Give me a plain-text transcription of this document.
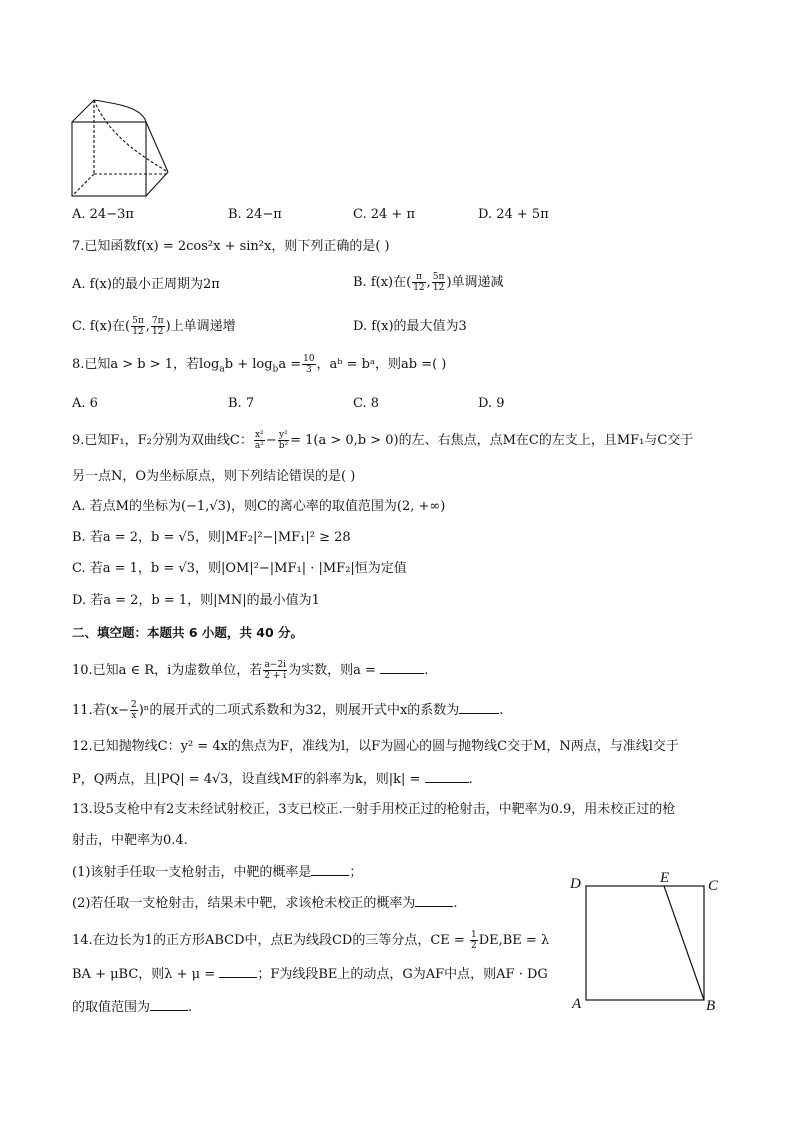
A. 24−3π	B. 24−π	C. 24 + π	D. 24 + 5π
7.已知函数f(x) = 2cos²x + sin²x，则下列正确的是( )
A. f(x)的最小正周期为2π	B. f(x)在( $\frac{\pi}{12}$ , $\frac{5\pi}{12}$ )单调递减
C. f(x)在( $\frac{5\pi}{12}$ , $\frac{7\pi}{12}$ )上单调递增	D. f(x)的最大值为3
8.已知a > b > 1，若$\log_ab + \log_ba = \frac{10}{3}$ ，aᵇ = bᵃ，则ab =( )
A. 6	B. 7	C. 8	D. 9
9.已知F₁，F₂分别为双曲线C： $\frac{\text{x²}}{\text{a²}} - \frac{\text{y²}}{\text{b²}} = 1(a > 0,b > 0)$的左、右焦点，点M在C的左支上，且MF₁与C交于
另一点N，O为坐标原点，则下列结论错误的是( )
A. 若点M的坐标为(−1,√3)，则C的离心率的取值范围为(2, +∞)
B. 若a = 2，b = √5，则|MF₂|²−|MF₁|² ≥ 28
C. 若a = 1，b = √3，则|OM|²−|MF₁| · |MF₂|恒为定值
D. 若a = 2，b = 1，则|MN|的最小值为1
二、填空题：本题共 6 小题，共 40 分。
10.已知a ∈ R，i为虚数单位，若 $\frac{a-2i}{2 + i}$ 为实数，则a =	.
11.若$(x- \frac{2}{x} )^n$的展开式的二项式系数和为32，则展开式中x的系数为	.
12.已知抛物线C：y² = 4x的焦点为F，准线为l，以F为圆心的圆与抛物线C交于M，N两点，与准线l交于
P，Q两点，且|PQ| = 4√3，设直线MF的斜率为k，则|k| =	.
13.设5支枪中有2支未经试射校正，3支已校正.一射手用校正过的枪射击，中靶率为0.9，用未校正过的枪
射击，中靶率为0.4.
(1)该射手任取一支枪射击，中靶的概率是	；
(2)若任取一支枪射击，结果未中靶，求该枪未校正的概率为	.
14.在边长为1的正方形ABCD中，点E为线段CD的三等分点，CE = $\frac{1}{2} DE,BE = \lambda$
BA + μBC，则λ + μ =	；F为线段BE上的动点，G为AF中点，则AF · DG
的取值范围为	.
D	E	C
A	B
